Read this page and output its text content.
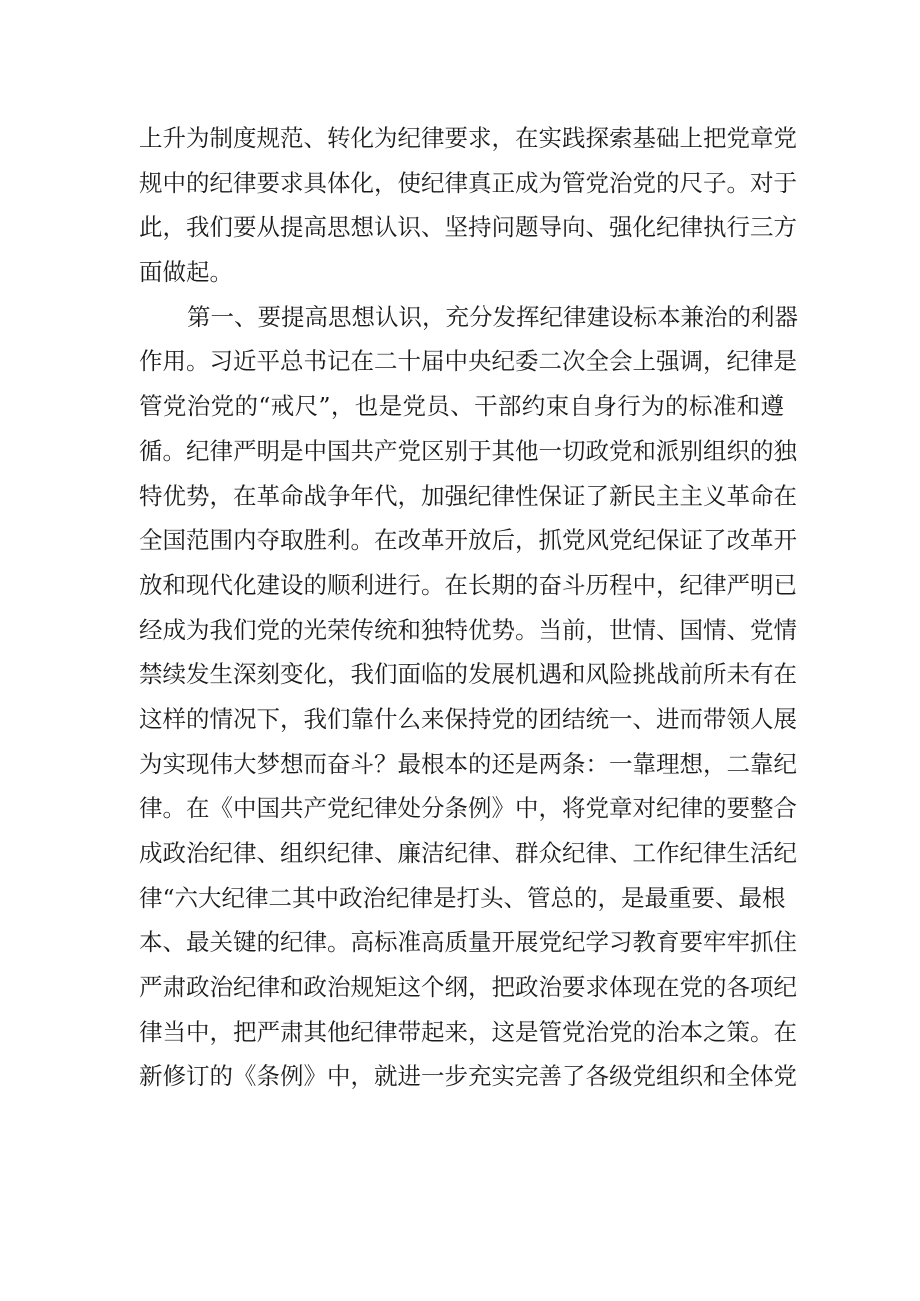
上升为制度规范、转化为纪律要求，在实践探索基础上把党章党
规中的纪律要求具体化，使纪律真正成为管党治党的尺子。对于
此，我们要从提高思想认识、坚持问题导向、强化纪律执行三方
面做起。
第一、要提高思想认识，充分发挥纪律建设标本兼治的利器
作用。习近平总书记在二十届中央纪委二次全会上强调，纪律是
管党治党的“戒尺”，也是党员、干部约束自身行为的标准和遵
循。纪律严明是中国共产党区别于其他一切政党和派别组织的独
特优势，在革命战争年代，加强纪律性保证了新民主主义革命在
全国范围内夺取胜利。在改革开放后，抓党风党纪保证了改革开
放和现代化建设的顺利进行。在长期的奋斗历程中，纪律严明已
经成为我们党的光荣传统和独特优势。当前，世情、国情、党情
禁续发生深刻变化，我们面临的发展机遇和风险挑战前所未有在
这样的情况下，我们靠什么来保持党的团结统一、进而带领人展
为实现伟大梦想而奋斗？最根本的还是两条：一靠理想，二靠纪
律。在《中国共产党纪律处分条例》中，将党章对纪律的要整合
成政治纪律、组织纪律、廉洁纪律、群众纪律、工作纪律生活纪
律“六大纪律二其中政治纪律是打头、管总的，是最重要、最根
本、最关键的纪律。高标准高质量开展党纪学习教育要牢牢抓住
严肃政治纪律和政治规矩这个纲，把政治要求体现在党的各项纪
律当中，把严肃其他纪律带起来，这是管党治党的治本之策。在
新修订的《条例》中，就进一步充实完善了各级党组织和全体党
